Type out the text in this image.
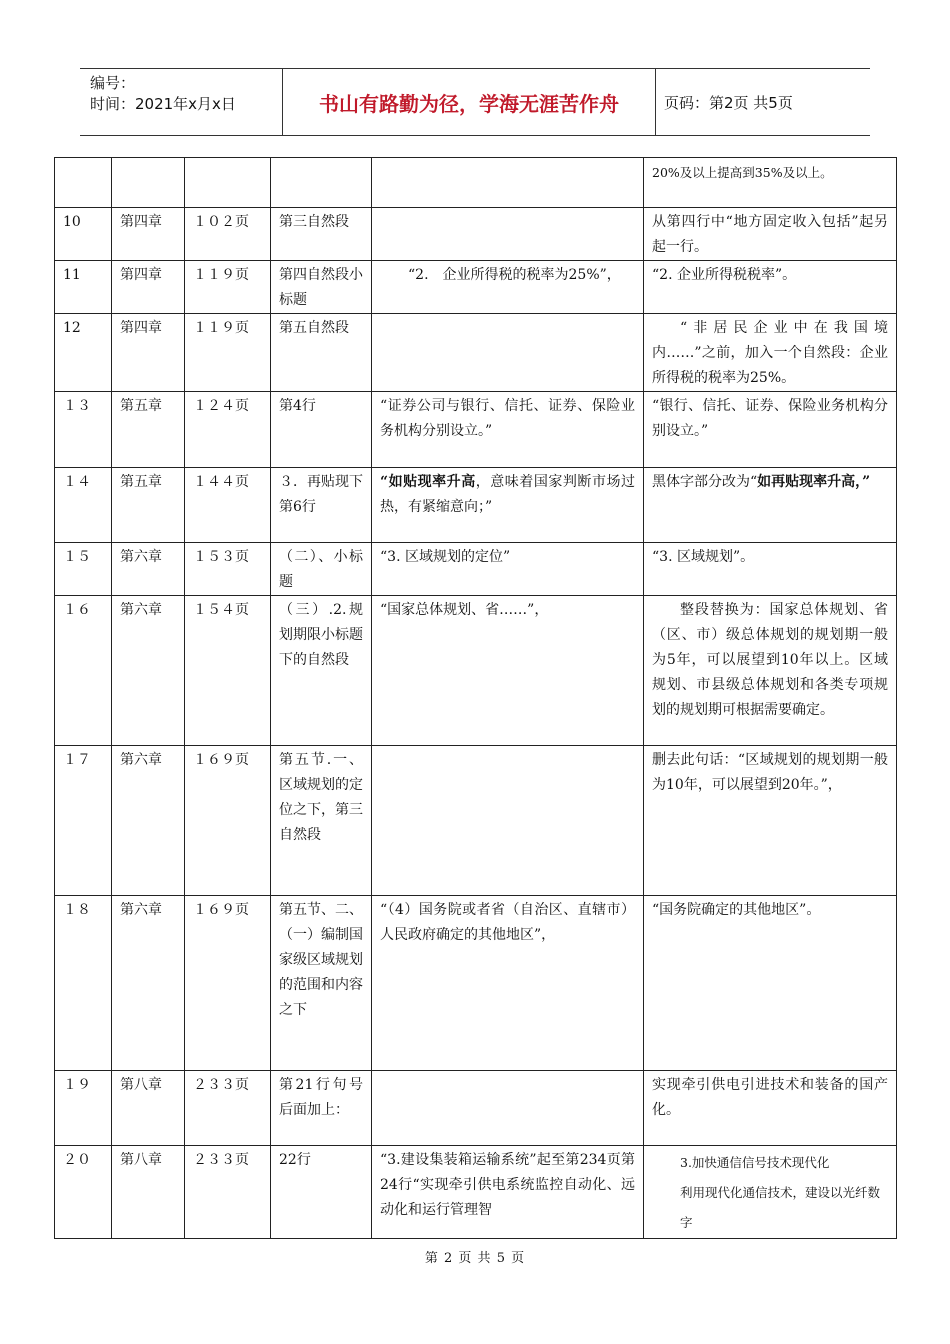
编号：
时间：2021年x月x日	书山有路勤为径，学海无涯苦作舟	页码：第2页 共5页
					20%及以上提高到35%及以上。
10	第四章	１０２页	第三自然段		从第四行中“地方固定收入包括”起另起一行。
11	第四章	１１９页	第四自然段小标题	“2.　企业所得税的税率为25%”，	“2. 企业所得税税率”。
12	第四章	１１９页	第五自然段		“非居民企业中在我国境内……”之前，加入一个自然段：企业所得税的税率为25%。
１３	第五章	１２４页	第4行	“证券公司与银行、信托、证券、保险业务机构分别设立。”	“银行、信托、证券、保险业务机构分别设立。”
１４	第五章	１４４页	３．再贴现下第6行	“如贴现率升高，意味着国家判断市场过热，有紧缩意向；”	黑体字部分改为“如再贴现率升高，”
１５	第六章	１５３页	（二）、小标题	“3. 区域规划的定位”	“3. 区域规划”。
１６	第六章	１５４页	（三）.2.规划期限小标题下的自然段	“国家总体规划、省……”，	整段替换为：国家总体规划、省（区、市）级总体规划的规划期一般为5年，可以展望到10年以上。区域规划、市县级总体规划和各类专项规划的规划期可根据需要确定。
１７	第六章	１６９页	第五节.一、区域规划的定位之下，第三自然段		删去此句话：“区域规划的规划期一般为10年，可以展望到20年。”，
１８	第六章	１６９页	第五节、二、（一）编制国家级区域规划的范围和内容之下	“（4）国务院或者省（自治区、直辖市）人民政府确定的其他地区”，	“国务院确定的其他地区”。
１９	第八章	２３３页	第21行句号后面加上：		实现牵引供电引进技术和装备的国产化。
２０	第八章	２３３页	22行	“3.建设集装箱运输系统”起至第234页第24行“实现牵引供电系统监控自动化、远动化和运行管理智	3.加快通信信号技术现代化
利用现代化通信技术，建设以光纤数字
第 2 页 共 5 页
